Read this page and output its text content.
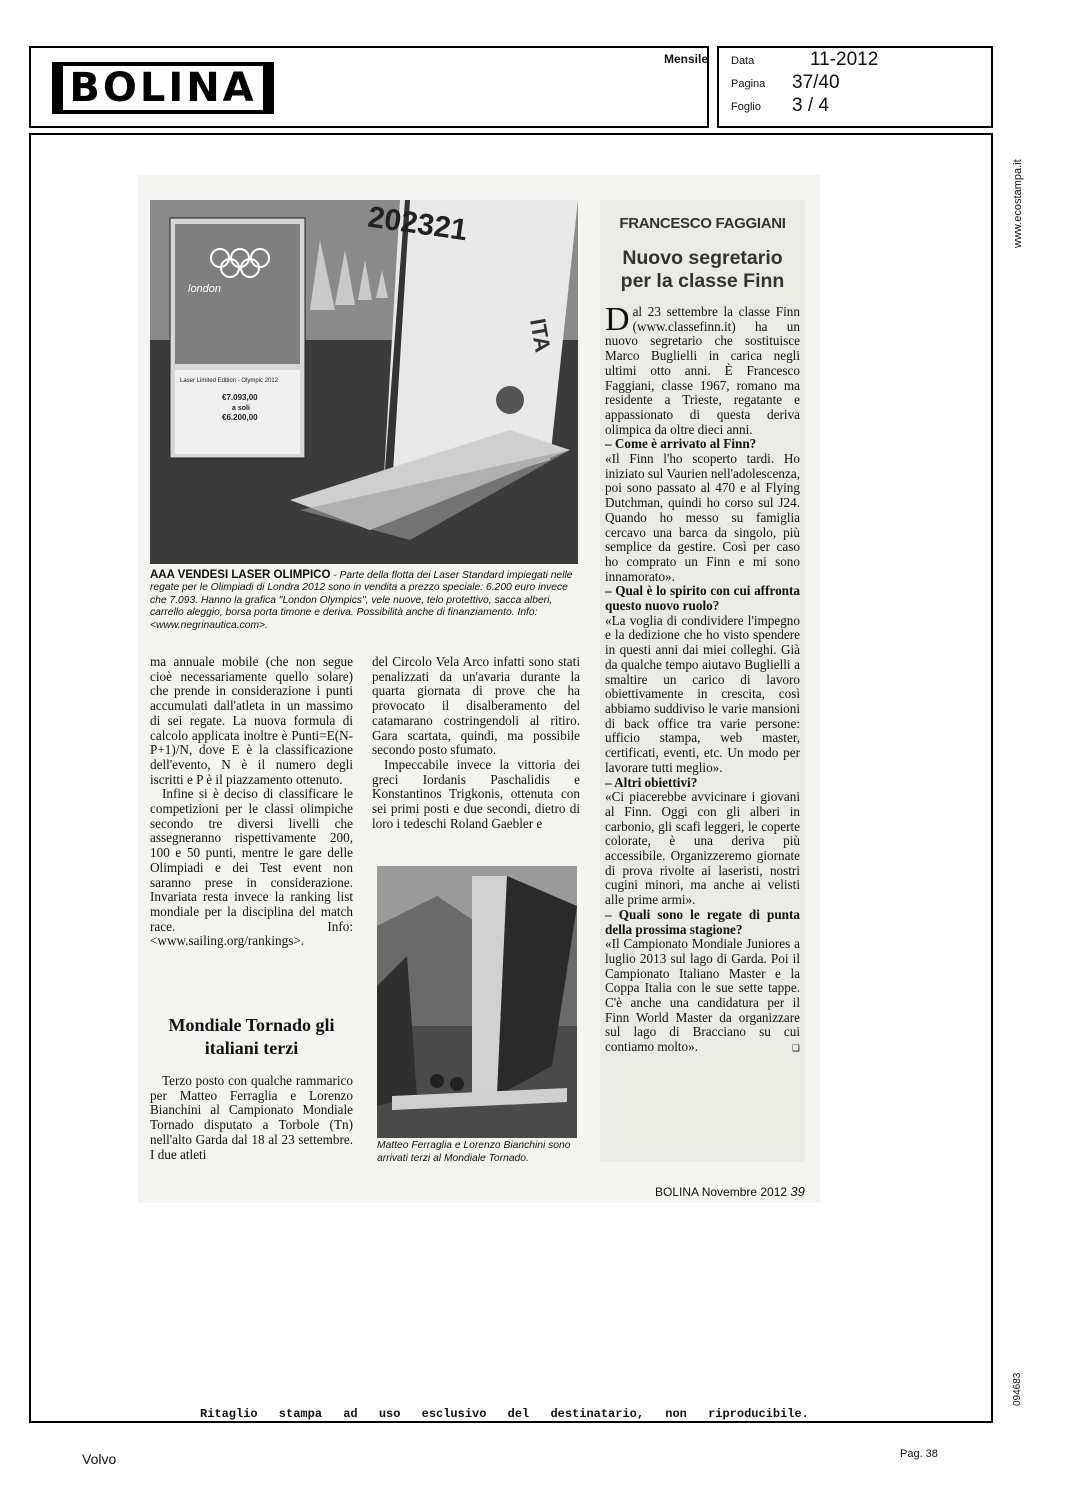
BOLINA
Mensile Data	11-2012
Pagina 37/40
Foglio 3 / 4
www.ecostampa.it
094683
202321
ITA
london
Laser Limited Edition - Olympic 2012
€7.093,00
a soli
€6.200,00
AAA VENDESI LASER OLIMPICO - Parte della flotta dei Laser Standard impiegati nelle regate per le Olimpiadi di Londra 2012 sono in vendita a prezzo speciale: 6.200 euro invece che 7.093. Hanno la grafica "London Olympics", vele nuove, telo protettivo, sacca alberi, carrello aleggio, borsa porta timone e deriva. Possibilità anche di finanziamento. Info: <www.negrinautica.com>.

ma annuale mobile (che non segue cioè necessariamente quello solare) che prende in considerazione i punti accumulati dall'atleta in un massimo di sei regate. La nuova formula di calcolo applicata inoltre è Punti=E(N-P+1)/N, dove E è la classificazione dell'evento, N è il numero degli iscritti e P è il piazzamento ottenuto.

Infine si è deciso di classificare le competizioni per le classi olimpiche secondo tre diversi livelli che assegneranno rispettivamente 200, 100 e 50 punti, mentre le gare delle Olimpiadi e dei Test event non saranno prese in considerazione. Invariata resta invece la ranking list mondiale per la disciplina del match race. Info: <www.sailing.org/rankings>.

Mondiale Tornado gli italiani terzi

Terzo posto con qualche rammarico per Matteo Ferraglia e Lorenzo Bianchini al Campionato Mondiale Tornado disputato a Torbole (Tn) nell'alto Garda dal 18 al 23 settembre. I due atleti

del Circolo Vela Arco infatti sono stati penalizzati da un'avaria durante la quarta giornata di prove che ha provocato il disalberamento del catamarano costringendoli al ritiro. Gara scartata, quindi, ma possibile secondo posto sfumato.

Impeccabile invece la vittoria dei greci Iordanis Paschalidis e Konstantinos Trigkonis, ottenuta con sei primi posti e due secondi, dietro di loro i tedeschi Roland Gaebler e

Matteo Ferraglia e Lorenzo Bianchini sono arrivati terzi al Mondiale Tornado.
FRANCESCO FAGGIANI
Nuovo segretario per la classe Finn

Dal 23 settembre la classe Finn (www.classefinn.it) ha un nuovo segretario che sostituisce Marco Buglielli in carica negli ultimi otto anni. È Francesco Faggiani, classe 1967, romano ma residente a Trieste, regatante e appassionato di questa deriva olimpica da oltre dieci anni.

– Come è arrivato al Finn?

«Il Finn l'ho scoperto tardi. Ho iniziato sul Vaurien nell'adolescenza, poi sono passato al 470 e al Flying Dutchman, quindi ho corso sul J24. Quando ho messo su famiglia cercavo una barca da singolo, più semplice da gestire. Così per caso ho comprato un Finn e mi sono innamorato».

– Qual è lo spirito con cui affronta questo nuovo ruolo?

«La voglia di condividere l'impegno e la dedizione che ho visto spendere in questi anni dai miei colleghi. Già da qualche tempo aiutavo Buglielli a smaltire un carico di lavoro obiettivamente in crescita, così abbiamo suddiviso le varie mansioni di back office tra varie persone: ufficio stampa, web master, certificati, eventi, etc. Un modo per lavorare tutti meglio».

– Altri obiettivi?

«Ci piacerebbe avvicinare i giovani al Finn. Oggi con gli alberi in carbonio, gli scafi leggeri, le coperte colorate, è una deriva più accessibile. Organizzeremo giornate di prova rivolte ai laseristi, nostri cugini minori, ma anche ai velisti alle prime armi».

– Quali sono le regate di punta della prossima stagione?

«Il Campionato Mondiale Juniores a luglio 2013 sul lago di Garda. Poi il Campionato Italiano Master e la Coppa Italia con le sue sette tappe. C'è anche una candidatura per il Finn World Master da organizzare sul lago di Bracciano su cui contiamo molto».	❏

BOLINA Novembre 2012 39
Ritaglio stampa ad uso esclusivo del destinatario, non riproducibile.
Volvo	Pag. 38
